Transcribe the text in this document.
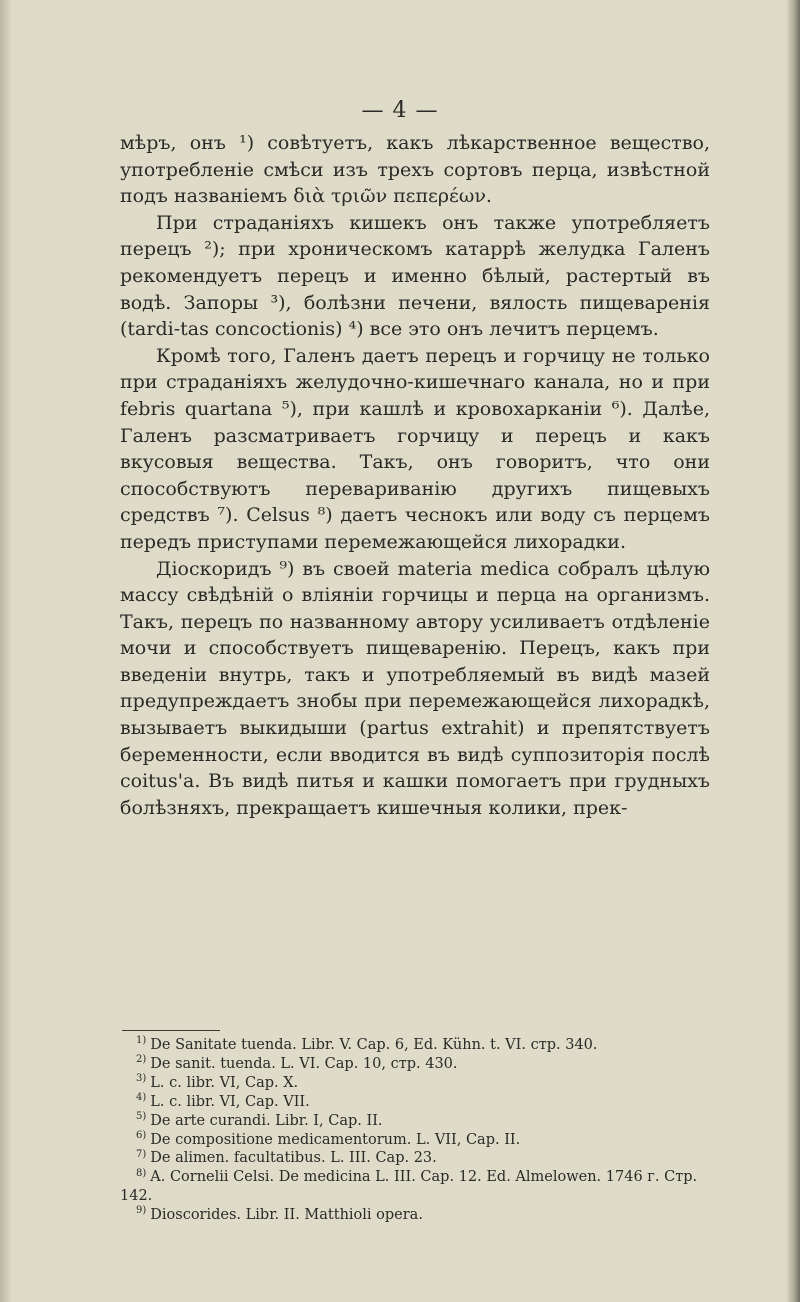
— 4 —

мѣръ, онъ ¹) совѣтуетъ, какъ лѣкарственное вещество, употребленіе смѣси изъ трехъ сортовъ перца, извѣстной подъ названіемъ διὰ τριῶν πεπερέων.

При страданіяхъ кишекъ онъ также употребляетъ перецъ ²); при хроническомъ катаррѣ желудка Галенъ рекомендуетъ перецъ и именно бѣлый, растертый въ водѣ. Запоры ³), болѣзни печени, вялость пищеваренія (tardi-tas concoctionis) ⁴) все это онъ лечитъ перцемъ.

Кромѣ того, Галенъ даетъ перецъ и горчицу не только при страданіяхъ желудочно-кишечнаго канала, но и при febris quartana ⁵), при кашлѣ и кровохарканіи ⁶). Далѣе, Галенъ разсматриваетъ горчицу и перецъ и какъ вкусовыя вещества. Такъ, онъ говоритъ, что они способствуютъ перевариванію другихъ пищевыхъ средствъ ⁷). Celsus ⁸) даетъ чеснокъ или воду съ перцемъ передъ приступами перемежающейся лихорадки.

Діоскоридъ ⁹) въ своей materia medica собралъ цѣлую массу свѣдѣній о вліяніи горчицы и перца на организмъ. Такъ, перецъ по названному автору усиливаетъ отдѣленіе мочи и способствуетъ пищеваренію. Перецъ, какъ при введеніи внутрь, такъ и употребляемый въ видѣ мазей предупреждаетъ знобы при перемежающейся лихорадкѣ, вызываетъ выкидыши (partus extrahit) и препятствуетъ беременности, если вводится въ видѣ суппозиторія послѣ coitus'а. Въ видѣ питья и кашки помогаетъ при грудныхъ болѣзняхъ, прекращаетъ кишечныя колики, прек-

$^{1)}$ De Sanitate tuenda. Libr. V. Cap. 6, Ed. Kühn. t. VI. стр. 340.

$^{2)}$ De sanit. tuenda. L. VI. Cap. 10, стр. 430.

$^{3)}$ L. c. libr. VI, Cap. X.

$^{4)}$ L. c. libr. VI, Cap. VII.

$^{5)}$ De arte curandi. Libr. I, Cap. II.

$^{6)}$ De compositione medicamentorum. L. VII, Cap. II.

$^{7)}$ De alimen. facultatibus. L. III. Cap. 23.

$^{8)}$ A. Cornelii Celsi. De medicina L. III. Cap. 12. Ed. Almelowen. 1746 г. Стр. 142.

$^{9)}$ Dioscorides. Libr. II. Matthioli opera.
